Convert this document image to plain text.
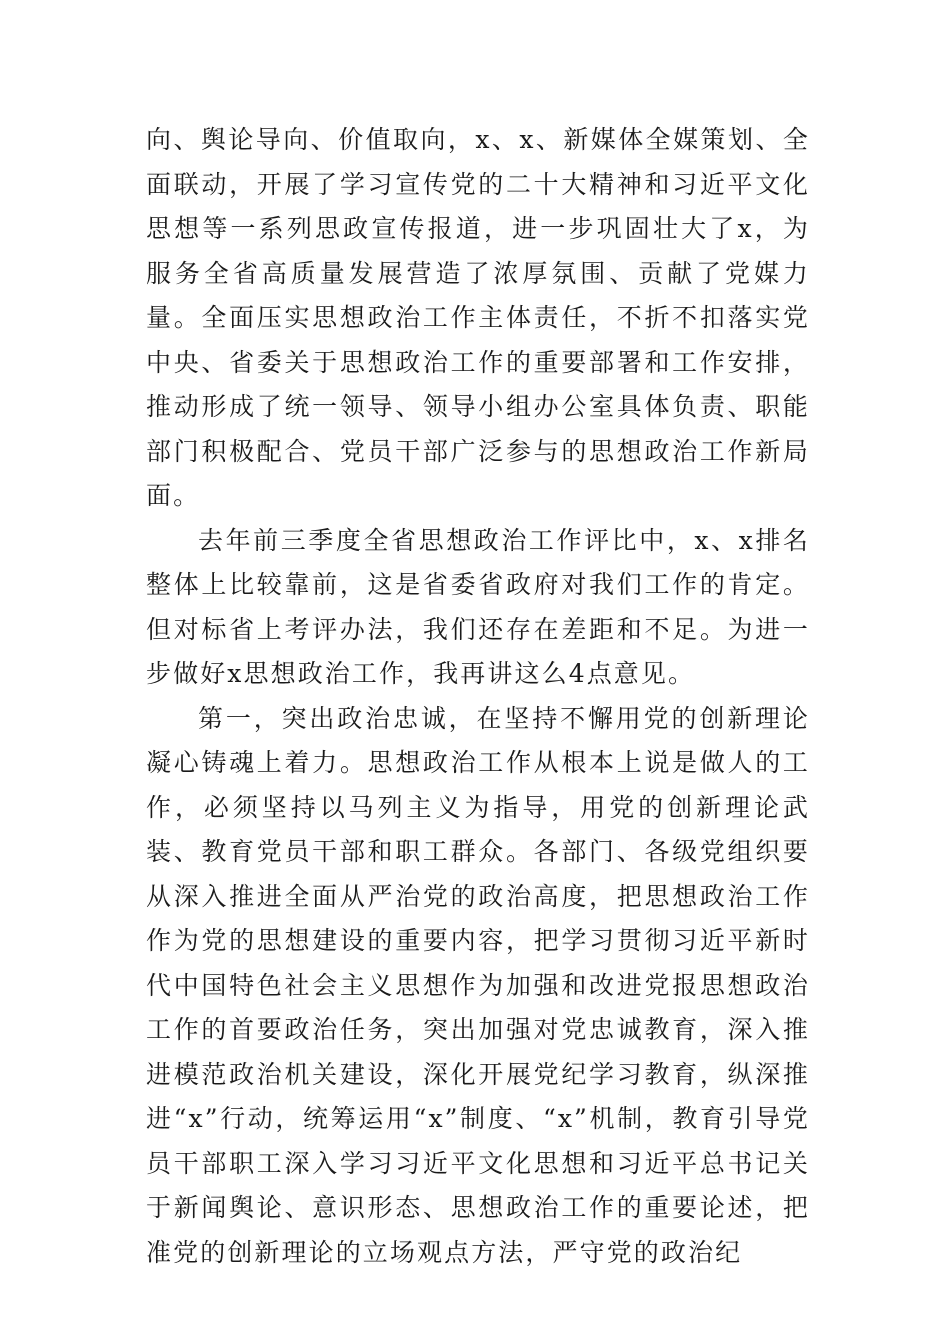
向、舆论导向、价值取向，x、x、新媒体全媒策划、全面联动，开展了学习宣传党的二十大精神和习近平文化思想等一系列思政宣传报道，进一步巩固壮大了x，为服务全省高质量发展营造了浓厚氛围、贡献了党媒力量。全面压实思想政治工作主体责任，不折不扣落实党中央、省委关于思想政治工作的重要部署和工作安排，推动形成了统一领导、领导小组办公室具体负责、职能部门积极配合、党员干部广泛参与的思想政治工作新局面。

去年前三季度全省思想政治工作评比中，x、x排名整体上比较靠前，这是省委省政府对我们工作的肯定。但对标省上考评办法，我们还存在差距和不足。为进一步做好x思想政治工作，我再讲这么4点意见。

第一，突出政治忠诚，在坚持不懈用党的创新理论凝心铸魂上着力。思想政治工作从根本上说是做人的工作，必须坚持以马列主义为指导，用党的创新理论武装、教育党员干部和职工群众。各部门、各级党组织要从深入推进全面从严治党的政治高度，把思想政治工作作为党的思想建设的重要内容，把学习贯彻习近平新时代中国特色社会主义思想作为加强和改进党报思想政治工作的首要政治任务，突出加强对党忠诚教育，深入推进模范政治机关建设，深化开展党纪学习教育，纵深推进“x”行动，统筹运用“x”制度、“x”机制，教育引导党员干部职工深入学习习近平文化思想和习近平总书记关于新闻舆论、意识形态、思想政治工作的重要论述，把准党的创新理论的立场观点方法，严守党的政治纪
